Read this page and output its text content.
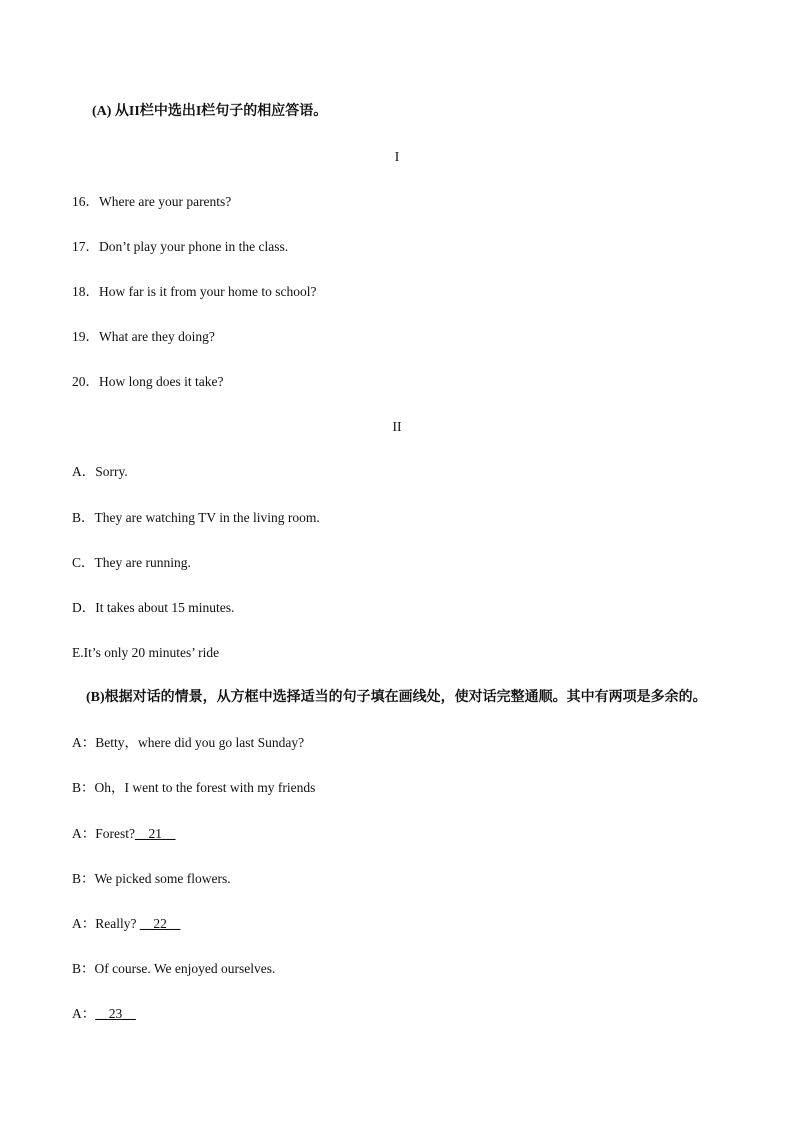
(A) 从II栏中选出I栏句子的相应答语。
I
16．Where are your parents?
17．Don’t play your phone in the class.
18．How far is it from your home to school?
19．What are they doing?
20．How long does it take?
II
A．Sorry.
B．They are watching TV in the living room.
C．They are running.
D．It takes about 15 minutes.
E.It’s only 20 minutes’ ride
(B)根据对话的情景，从方框中选择适当的句子填在画线处，使对话完整通顺。其中有两项是多余的。
A：Betty，where did you go last Sunday?
B：Oh，I went to the forest with my friends
A：Forest?__21__
B：We picked some flowers.
A：Really? __22__
B：Of course. We enjoyed ourselves.
A：__23__
